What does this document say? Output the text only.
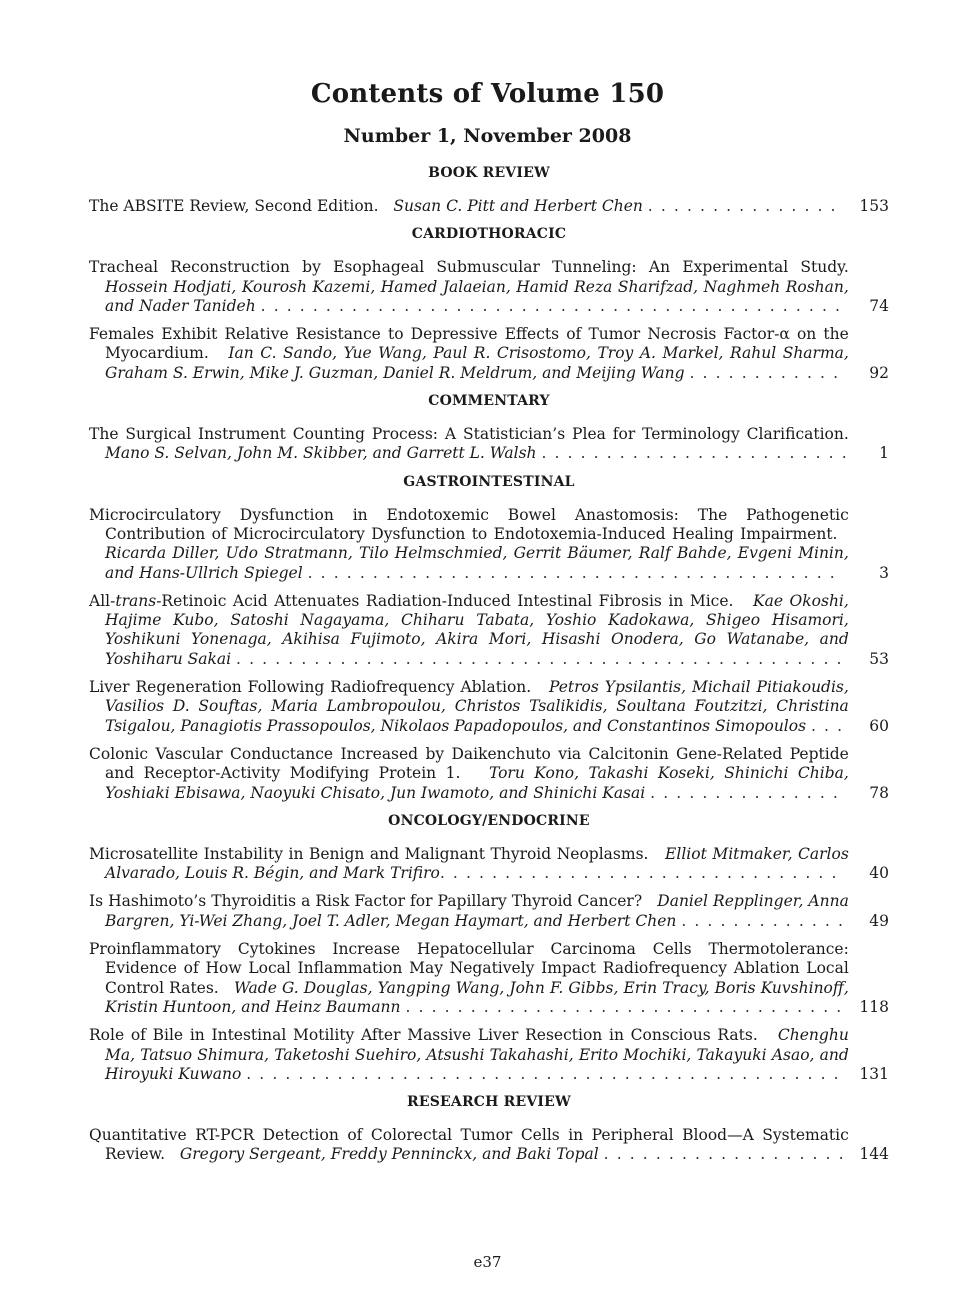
Contents of Volume 150
Number 1, November 2008
BOOK REVIEW
The ABSITE Review, Second Edition. Susan C. Pitt and Herbert Chen . . . . . . . . . . . . . . .	153
CARDIOTHORACIC
Tracheal Reconstruction by Esophageal Submuscular Tunneling: An Experimental Study. Hossein Hodjati, Kourosh Kazemi, Hamed Jalaeian, Hamid Reza Sharifzad, Naghmeh Roshan, and Nader Tanideh . . . . . . . . . . . . . . . . . . . . . . . . . . . . . . . . . . . . . . . . . . . . .	74
Females Exhibit Relative Resistance to Depressive Effects of Tumor Necrosis Factor-α on the Myocardium. Ian C. Sando, Yue Wang, Paul R. Crisostomo, Troy A. Markel, Rahul Sharma, Graham S. Erwin, Mike J. Guzman, Daniel R. Meldrum, and Meijing Wang . . . . . . . . . . . .	92
COMMENTARY
The Surgical Instrument Counting Process: A Statistician’s Plea for Terminology Clarification. Mano S. Selvan, John M. Skibber, and Garrett L. Walsh . . . . . . . . . . . . . . . . . . . . . . . .	1
GASTROINTESTINAL
Microcirculatory Dysfunction in Endotoxemic Bowel Anastomosis: The Pathogenetic Contribution of Microcirculatory Dysfunction to Endotoxemia-Induced Healing Impairment.   Ricarda Diller, Udo Stratmann, Tilo Helmschmied, Gerrit Bäumer, Ralf Bahde, Evgeni Minin, and Hans-Ullrich Spiegel . . . . . . . . . . . . . . . . . . . . . . . . . . . . . . . . . . . . . . . . .	3
All-trans-Retinoic Acid Attenuates Radiation-Induced Intestinal Fibrosis in Mice. Kae Okoshi, Hajime Kubo, Satoshi Nagayama, Chiharu Tabata, Yoshio Kadokawa, Shigeo Hisamori, Yoshikuni Yonenaga, Akihisa Fujimoto, Akira Mori, Hisashi Onodera, Go Watanabe, and Yoshiharu Sakai . . . . . . . . . . . . . . . . . . . . . . . . . . . . . . . . . . . . . . . . . . . . . . .	53
Liver Regeneration Following Radiofrequency Ablation. Petros Ypsilantis, Michail Pitiakoudis, Vasilios D. Souftas, Maria Lambropoulou, Christos Tsalikidis, Soultana Foutzitzi, Christina Tsigalou, Panagiotis Prassopoulos, Nikolaos Papadopoulos, and Constantinos Simopoulos . . .	60
Colonic Vascular Conductance Increased by Daikenchuto via Calcitonin Gene-Related Peptide and Receptor-Activity Modifying Protein 1. Toru Kono, Takashi Koseki, Shinichi Chiba, Yoshiaki Ebisawa, Naoyuki Chisato, Jun Iwamoto, and Shinichi Kasai . . . . . . . . . . . . . . .	78
ONCOLOGY/ENDOCRINE
Microsatellite Instability in Benign and Malignant Thyroid Neoplasms. Elliot Mitmaker, Carlos Alvarado, Louis R. Bégin, and Mark Trifiro. . . . . . . . . . . . . . . . . . . . . . . . . . . . . . .	40
Is Hashimoto’s Thyroiditis a Risk Factor for Papillary Thyroid Cancer? Daniel Repplinger, Anna Bargren, Yi-Wei Zhang, Joel T. Adler, Megan Haymart, and Herbert Chen . . . . . . . . . . . . .	49
Proinflammatory Cytokines Increase Hepatocellular Carcinoma Cells Thermotolerance: Evidence of How Local Inflammation May Negatively Impact Radiofrequency Ablation Local Control Rates. Wade G. Douglas, Yangping Wang, John F. Gibbs, Erin Tracy, Boris Kuvshinoff, Kristin Huntoon, and Heinz Baumann . . . . . . . . . . . . . . . . . . . . . . . . . . . . . . . . . .	118
Role of Bile in Intestinal Motility After Massive Liver Resection in Conscious Rats. Chenghu Ma, Tatsuo Shimura, Taketoshi Suehiro, Atsushi Takahashi, Erito Mochiki, Takayuki Asao, and Hiroyuki Kuwano . . . . . . . . . . . . . . . . . . . . . . . . . . . . . . . . . . . . . . . . . . . . . .	131
RESEARCH REVIEW
Quantitative RT-PCR Detection of Colorectal Tumor Cells in Peripheral Blood—A Systematic Review. Gregory Sergeant, Freddy Penninckx, and Baki Topal . . . . . . . . . . . . . . . . . . . 144
e37
